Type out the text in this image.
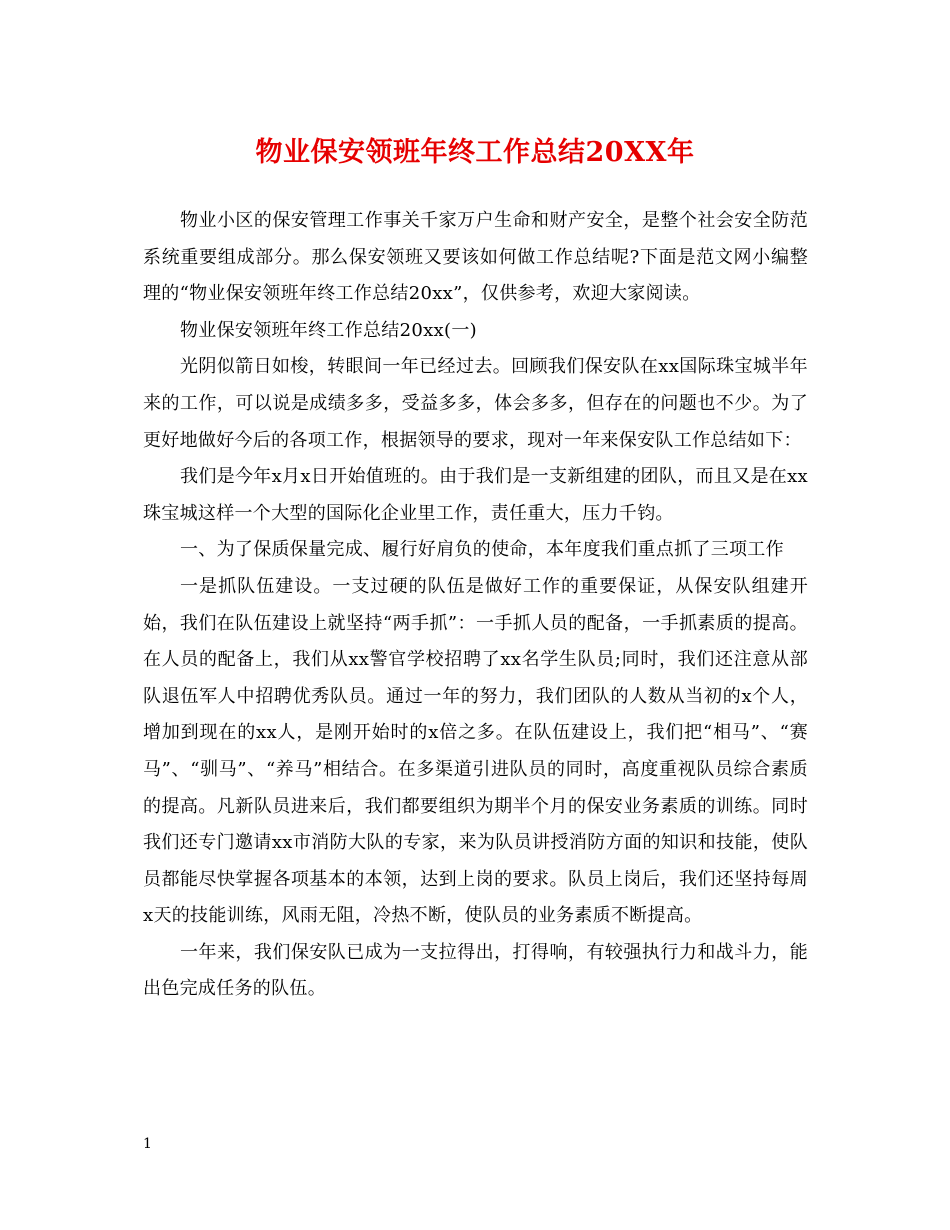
物业保安领班年终工作总结20XX年

物业小区的保安管理工作事关千家万户生命和财产安全，是整个社会安全防范系统重要组成部分。那么保安领班又要该如何做工作总结呢?下面是范文网小编整理的“物业保安领班年终工作总结20xx”，仅供参考，欢迎大家阅读。

物业保安领班年终工作总结20xx(一)

光阴似箭日如梭，转眼间一年已经过去。回顾我们保安队在xx国际珠宝城半年来的工作，可以说是成绩多多，受益多多，体会多多，但存在的问题也不少。为了更好地做好今后的各项工作，根据领导的要求，现对一年来保安队工作总结如下：

我们是今年x月x日开始值班的。由于我们是一支新组建的团队，而且又是在xx珠宝城这样一个大型的国际化企业里工作，责任重大，压力千钧。

一、为了保质保量完成、履行好肩负的使命，本年度我们重点抓了三项工作

一是抓队伍建设。一支过硬的队伍是做好工作的重要保证，从保安队组建开始，我们在队伍建设上就坚持“两手抓”：一手抓人员的配备，一手抓素质的提高。在人员的配备上，我们从xx警官学校招聘了xx名学生队员;同时，我们还注意从部队退伍军人中招聘优秀队员。通过一年的努力，我们团队的人数从当初的x个人，增加到现在的xx人，是刚开始时的x倍之多。在队伍建设上，我们把“相马”、“赛马”、“驯马”、“养马”相结合。在多渠道引进队员的同时，高度重视队员综合素质的提高。凡新队员进来后，我们都要组织为期半个月的保安业务素质的训练。同时我们还专门邀请xx市消防大队的专家，来为队员讲授消防方面的知识和技能，使队员都能尽快掌握各项基本的本领，达到上岗的要求。队员上岗后，我们还坚持每周x天的技能训练，风雨无阻，冷热不断，使队员的业务素质不断提高。

一年来，我们保安队已成为一支拉得出，打得响，有较强执行力和战斗力，能出色完成任务的队伍。

1
